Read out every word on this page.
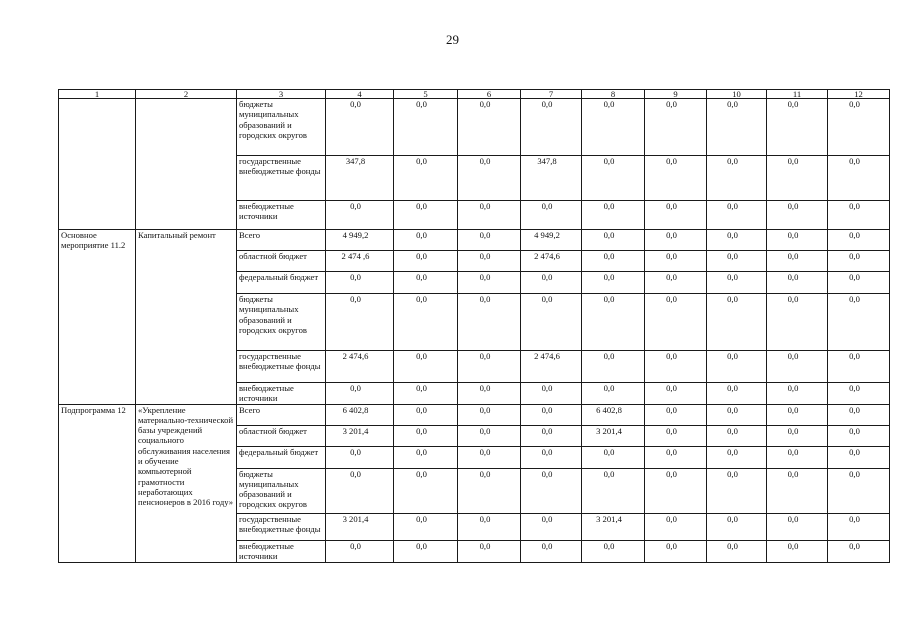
29
1	2	3	4	5	6	7	8	9	10	11	12
		бюджеты муниципальных образований и городских округов	0,0	0,0	0,0	0,0	0,0	0,0	0,0	0,0	0,0
		государственные внебюджетные фонды	347,8	0,0	0,0	347,8	0,0	0,0	0,0	0,0	0,0
		внебюджетные источники	0,0	0,0	0,0	0,0	0,0	0,0	0,0	0,0	0,0
Основное мероприятие 11.2	Капитальный ремонт	Всего	4 949,2	0,0	0,0	4 949,2	0,0	0,0	0,0	0,0	0,0
		областной бюджет	2 474 ,6	0,0	0,0	2 474,6	0,0	0,0	0,0	0,0	0,0
		федеральный бюджет	0,0	0,0	0,0	0,0	0,0	0,0	0,0	0,0	0,0
		бюджеты муниципальных образований и городских округов	0,0	0,0	0,0	0,0	0,0	0,0	0,0	0,0	0,0
		государственные внебюджетные фонды	2 474,6	0,0	0,0	2 474,6	0,0	0,0	0,0	0,0	0,0
		внебюджетные источники	0,0	0,0	0,0	0,0	0,0	0,0	0,0	0,0	0,0
Подпрограмма 12	«Укрепление материально-технической базы учреждений социального обслуживания населения и обучение компьютерной грамотности неработающих пенсионеров в 2016 году»	Всего	6 402,8	0,0	0,0	0,0	6 402,8	0,0	0,0	0,0	0,0
		областной бюджет	3 201,4	0,0	0,0	0,0	3 201,4	0,0	0,0	0,0	0,0
		федеральный бюджет	0,0	0,0	0,0	0,0	0,0	0,0	0,0	0,0	0,0
		бюджеты муниципальных образований и городских округов	0,0	0,0	0,0	0,0	0,0	0,0	0,0	0,0	0,0
		государственные внебюджетные фонды	3 201,4	0,0	0,0	0,0	3 201,4	0,0	0,0	0,0	0,0
		внебюджетные источники	0,0	0,0	0,0	0,0	0,0	0,0	0,0	0,0	0,0
